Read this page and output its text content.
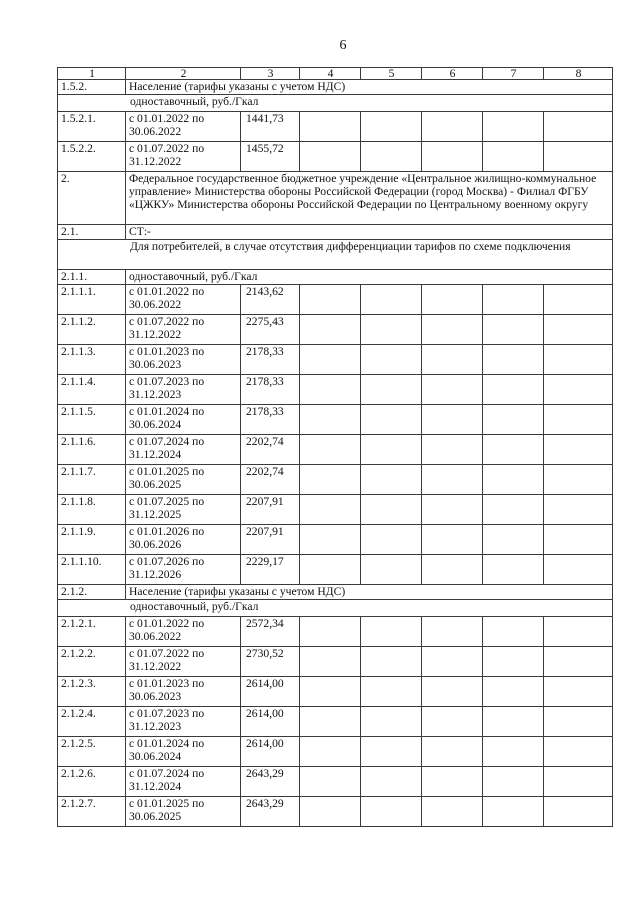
6
1	2	3	4	5	6	7	8
1.5.2.	Население (тарифы указаны с учетом НДС)						
одноставочный, руб./Гкал							
1.5.2.1.	с 01.01.2022 по 30.06.2022	1441,73					
1.5.2.2.	с 01.07.2022 по 31.12.2022	1455,72					
2.	Федеральное государственное бюджетное учреждение «Центральное жилищно-коммунальное управление» Министерства обороны Российской Федерации (город Москва) - Филиал ФГБУ «ЦЖКУ» Министерства обороны Российской Федерации по Центральному военному округу						
2.1.	СТ:-						
Для потребителей, в случае отсутствия дифференциации тарифов по схеме подключения							
2.1.1.	одноставочный, руб./Гкал						
2.1.1.1.	с 01.01.2022 по 30.06.2022	2143,62					
2.1.1.2.	с 01.07.2022 по 31.12.2022	2275,43					
2.1.1.3.	с 01.01.2023 по 30.06.2023	2178,33					
2.1.1.4.	с 01.07.2023 по 31.12.2023	2178,33					
2.1.1.5.	с 01.01.2024 по 30.06.2024	2178,33					
2.1.1.6.	с 01.07.2024 по 31.12.2024	2202,74					
2.1.1.7.	с 01.01.2025 по 30.06.2025	2202,74					
2.1.1.8.	с 01.07.2025 по 31.12.2025	2207,91					
2.1.1.9.	с 01.01.2026 по 30.06.2026	2207,91					
2.1.1.10.	с 01.07.2026 по 31.12.2026	2229,17					
2.1.2.	Население (тарифы указаны с учетом НДС)						
одноставочный, руб./Гкал							
2.1.2.1.	с 01.01.2022 по 30.06.2022	2572,34					
2.1.2.2.	с 01.07.2022 по 31.12.2022	2730,52					
2.1.2.3.	с 01.01.2023 по 30.06.2023	2614,00					
2.1.2.4.	с 01.07.2023 по 31.12.2023	2614,00					
2.1.2.5.	с 01.01.2024 по 30.06.2024	2614,00					
2.1.2.6.	с 01.07.2024 по 31.12.2024	2643,29					
2.1.2.7.	с 01.01.2025 по 30.06.2025	2643,29					
